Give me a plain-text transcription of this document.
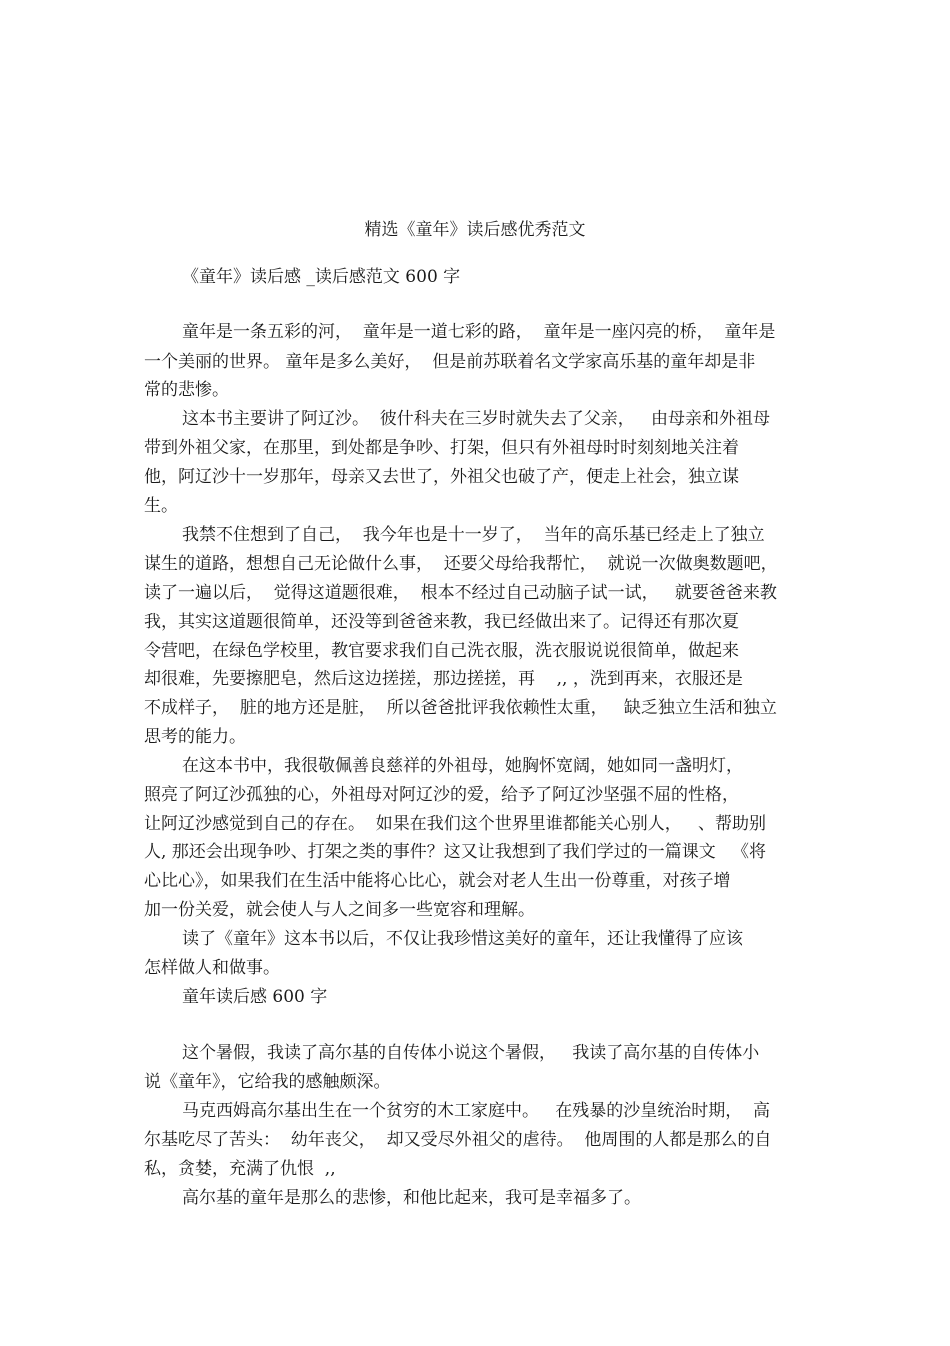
精选《童年》读后感优秀范文
《童年》读后感 _读后感范文 600 字
童年是一条五彩的河，  童年是一道七彩的路，  童年是一座闪亮的桥，  童年是
一个美丽的世界。 童年是多么美好，  但是前苏联着名文学家高乐基的童年却是非
常的悲惨。
这本书主要讲了阿辽沙。  彼什科夫在三岁时就失去了父亲，   由母亲和外祖母
带到外祖父家，在那里，到处都是争吵、打架，但只有外祖母时时刻刻地关注着
他，阿辽沙十一岁那年，母亲又去世了，外祖父也破了产，便走上社会，独立谋
生。
我禁不住想到了自己，  我今年也是十一岁了，  当年的高乐基已经走上了独立
谋生的道路，想想自己无论做什么事，  还要父母给我帮忙，  就说一次做奥数题吧，
读了一遍以后，  觉得这道题很难，  根本不经过自己动脑子试一试，   就要爸爸来教
我，其实这道题很简单，还没等到爸爸来教，我已经做出来了。记得还有那次夏
令营吧，在绿色学校里，教官要求我们自己洗衣服，洗衣服说说很简单，做起来
却很难，先要擦肥皂，然后这边搓搓，那边搓搓，再    ,, ，洗到再来，衣服还是
不成样子，  脏的地方还是脏，  所以爸爸批评我依赖性太重，   缺乏独立生活和独立
思考的能力。
在这本书中，我很敬佩善良慈祥的外祖母，她胸怀宽阔，她如同一盏明灯，
照亮了阿辽沙孤独的心，外祖母对阿辽沙的爱，给予了阿辽沙坚强不屈的性格，
让阿辽沙感觉到自己的存在。  如果在我们这个世界里谁都能关心别人，   、帮助别
人, 那还会出现争吵、打架之类的事件？这又让我想到了我们学过的一篇课文   《将
心比心》，如果我们在生活中能将心比心，就会对老人生出一份尊重，对孩子增
加一份关爱，就会使人与人之间多一些宽容和理解。
读了《童年》这本书以后，不仅让我珍惜这美好的童年，还让我懂得了应该
怎样做人和做事。
童年读后感 600 字
这个暑假，我读了高尔基的自传体小说这个暑假，   我读了高尔基的自传体小
说《童年》，它给我的感触颇深。
马克西姆高尔基出生在一个贫穷的木工家庭中。   在残暴的沙皇统治时期，  高
尔基吃尽了苦头：  幼年丧父，  却又受尽外祖父的虐待。  他周围的人都是那么的自
私，贪婪，充满了仇恨  ,,
高尔基的童年是那么的悲惨，和他比起来，我可是幸福多了。
